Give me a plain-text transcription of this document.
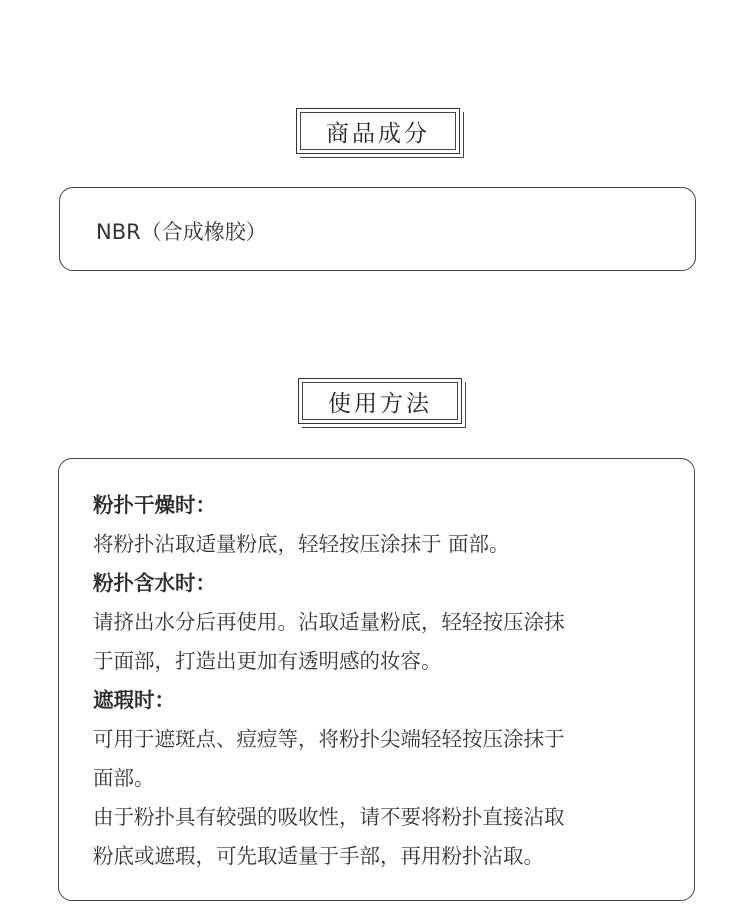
商品成分
NBR（合成橡胶）
使用方法
粉扑干燥时：
将粉扑沾取适量粉底，轻轻按压涂抹于 面部。
粉扑含水时：
请挤出水分后再使用。沾取适量粉底，轻轻按压涂抹
于面部，打造出更加有透明感的妆容。
遮瑕时：
可用于遮斑点、痘痘等，将粉扑尖端轻轻按压涂抹于
面部。
由于粉扑具有较强的吸收性，请不要将粉扑直接沾取
粉底或遮瑕，可先取适量于手部，再用粉扑沾取。
